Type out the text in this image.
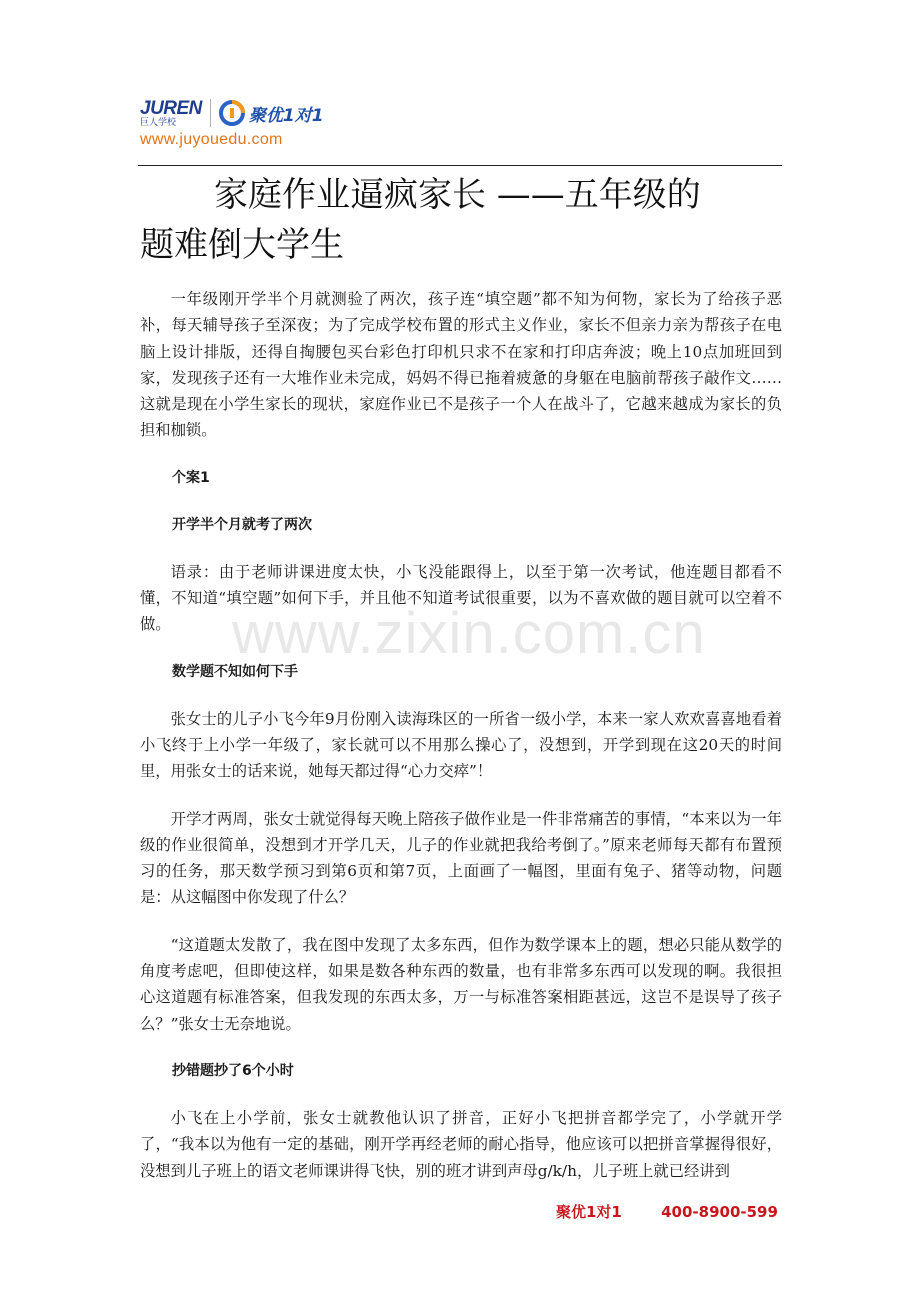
JUREN
巨人学校	聚优1对1
www.juyouedu.com
家庭作业逼疯家长 ——五年级的
题难倒大学生
www.zixin.com.cn

一年级刚开学半个月就测验了两次，孩子连“填空题”都不知为何物，家长为了给孩子恶补，每天辅导孩子至深夜；为了完成学校布置的形式主义作业，家长不但亲力亲为帮孩子在电脑上设计排版，还得自掏腰包买台彩色打印机只求不在家和打印店奔波；晚上10点加班回到家，发现孩子还有一大堆作业未完成，妈妈不得已拖着疲惫的身躯在电脑前帮孩子敲作文……这就是现在小学生家长的现状，家庭作业已不是孩子一个人在战斗了，它越来越成为家长的负担和枷锁。

个案1

开学半个月就考了两次

语录：由于老师讲课进度太快，小飞没能跟得上，以至于第一次考试，他连题目都看不懂，不知道“填空题”如何下手，并且他不知道考试很重要，以为不喜欢做的题目就可以空着不做。

数学题不知如何下手

张女士的儿子小飞今年9月份刚入读海珠区的一所省一级小学，本来一家人欢欢喜喜地看着小飞终于上小学一年级了，家长就可以不用那么操心了，没想到，开学到现在这20天的时间里，用张女士的话来说，她每天都过得“心力交瘁”！

开学才两周，张女士就觉得每天晚上陪孩子做作业是一件非常痛苦的事情，“本来以为一年级的作业很简单，没想到才开学几天，儿子的作业就把我给考倒了。”原来老师每天都有布置预习的任务，那天数学预习到第6页和第7页，上面画了一幅图，里面有兔子、猪等动物，问题是：从这幅图中你发现了什么？

“这道题太发散了，我在图中发现了太多东西，但作为数学课本上的题，想必只能从数学的角度考虑吧，但即使这样，如果是数各种东西的数量，也有非常多东西可以发现的啊。我很担心这道题有标准答案，但我发现的东西太多，万一与标准答案相距甚远，这岂不是误导了孩子么？”张女士无奈地说。

抄错题抄了6个小时

小飞在上小学前，张女士就教他认识了拼音，正好小飞把拼音都学完了，小学就开学了，“我本以为他有一定的基础，刚开学再经老师的耐心指导，他应该可以把拼音掌握得很好，没想到儿子班上的语文老师课讲得飞快，别的班才讲到声母g/k/h，儿子班上就已经讲到

聚优1对1	400-8900-599
